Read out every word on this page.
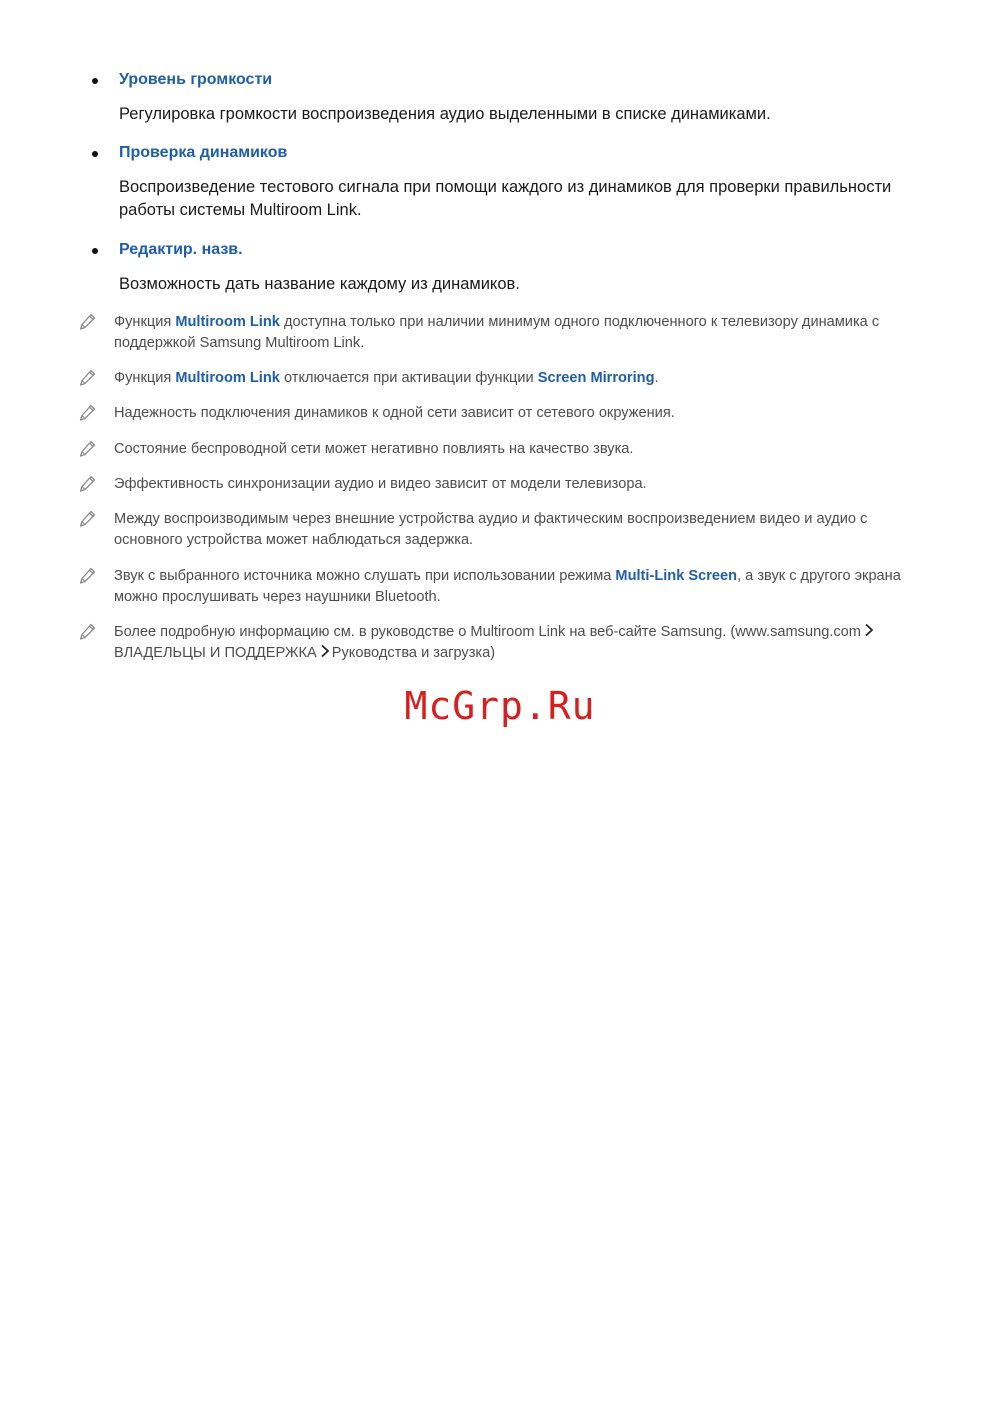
Уровень громкости
Регулировка громкости воспроизведения аудио выделенными в списке динамиками.
Проверка динамиков
Воспроизведение тестового сигнала при помощи каждого из динамиков для проверки правильности работы системы Multiroom Link.
Редактир. назв.
Возможность дать название каждому из динамиков.
Функция Multiroom Link доступна только при наличии минимум одного подключенного к телевизору динамика с поддержкой Samsung Multiroom Link.
Функция Multiroom Link отключается при активации функции Screen Mirroring.
Надежность подключения динамиков к одной сети зависит от сетевого окружения.
Состояние беспроводной сети может негативно повлиять на качество звука.
Эффективность синхронизации аудио и видео зависит от модели телевизора.
Между воспроизводимым через внешние устройства аудио и фактическим воспроизведением видео и аудио с основного устройства может наблюдаться задержка.
Звук с выбранного источника можно слушать при использовании режима Multi-Link Screen, а звук с другого экрана можно прослушивать через наушники Bluetooth.
Более подробную информацию см. в руководстве о Multiroom Link на веб-сайте Samsung. (www.samsung.com
ВЛАДЕЛЬЦЫ И ПОДДЕРЖКА Руководства и загрузка)
McGrp.Ru
